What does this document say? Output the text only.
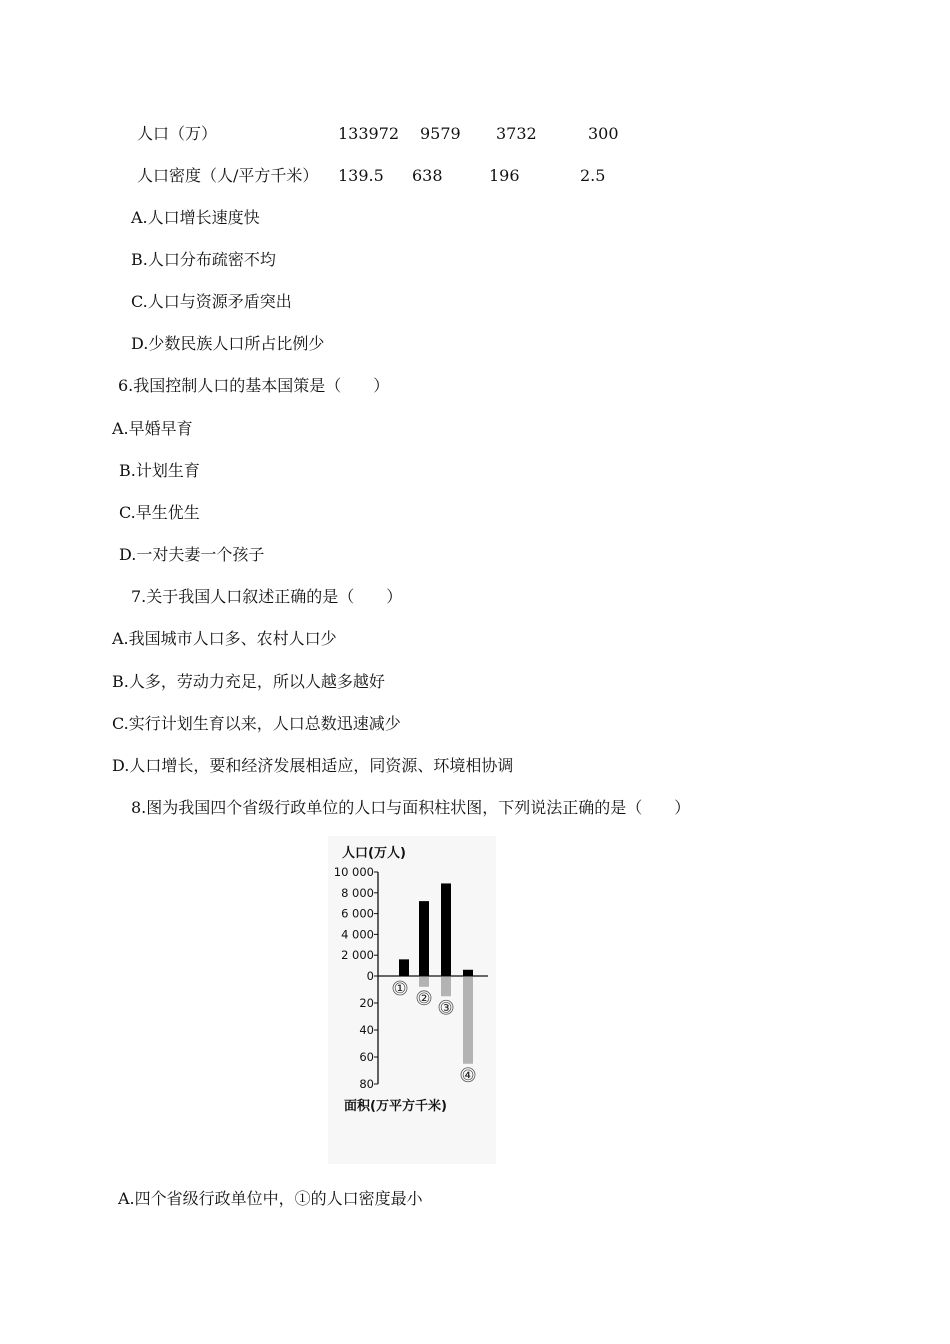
人口（万）	133972 9579 3732	300
人口密度（人/平方千米） 139.5 638	196	2.5
A.人口增长速度快
B.人口分布疏密不均
C.人口与资源矛盾突出
D.少数民族人口所占比例少
6.我国控制人口的基本国策是（　　）
A.早婚早育
B.计划生育
C.早生优生
D.一对夫妻一个孩子
7.关于我国人口叙述正确的是（　　）
A.我国城市人口多、农村人口少
B.人多，劳动力充足，所以人越多越好
C.实行计划生育以来，人口总数迅速减少
D.人口增长，要和经济发展相适应，同资源、环境相协调
8.图为我国四个省级行政单位的人口与面积柱状图，下列说法正确的是（　　）
人口(万人)
面积(万平方千米)
10 000
8 000
6 000
4 000
2 000
0
20
40
60
80
①
②
③
④
A.四个省级行政单位中，①的人口密度最小
